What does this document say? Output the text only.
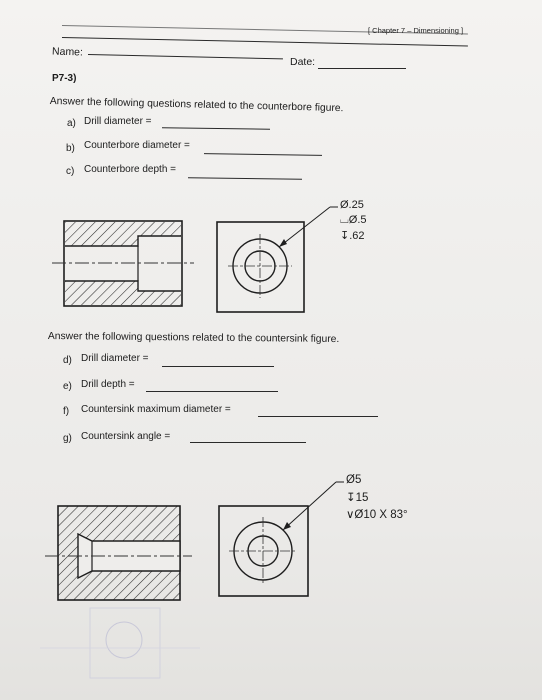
[ Chapter 7 – Dimensioning ]
Name:
Date:
P7-3)
Answer the following questions related to the counterbore figure.
a) Drill diameter =
b) Counterbore diameter =
c) Counterbore depth =
Ø.25
⌴Ø.5
↧.62
Answer the following questions related to the countersink figure.
d) Drill diameter =
e) Drill depth =
f) Countersink maximum diameter =
g) Countersink angle =
Ø5
↧15
∨Ø10 X 83°
